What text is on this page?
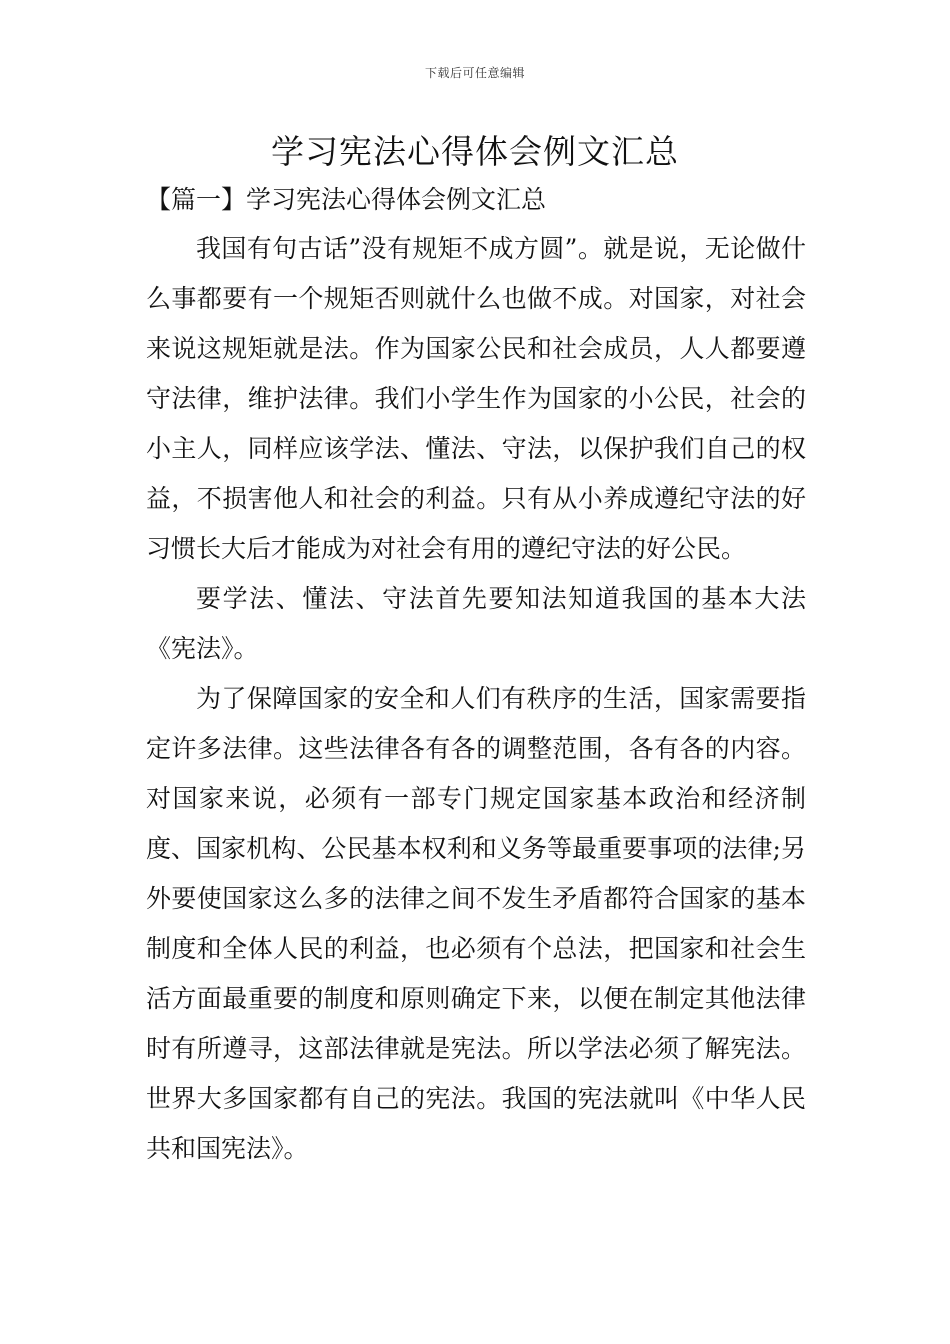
下载后可任意编辑
学习宪法心得体会例文汇总
【篇一】学习宪法心得体会例文汇总

我国有句古话”没有规矩不成方圆”。就是说，无论做什么事都要有一个规矩否则就什么也做不成。对国家，对社会来说这规矩就是法。作为国家公民和社会成员，人人都要遵守法律，维护法律。我们小学生作为国家的小公民，社会的小主人，同样应该学法、懂法、守法，以保护我们自己的权益，不损害他人和社会的利益。只有从小养成遵纪守法的好习惯长大后才能成为对社会有用的遵纪守法的好公民。

要学法、懂法、守法首先要知法知道我国的基本大法《宪法》。

为了保障国家的安全和人们有秩序的生活，国家需要指定许多法律。这些法律各有各的调整范围，各有各的内容。对国家来说，必须有一部专门规定国家基本政治和经济制度、国家机构、公民基本权利和义务等最重要事项的法律;另外要使国家这么多的法律之间不发生矛盾都符合国家的基本制度和全体人民的利益，也必须有个总法，把国家和社会生活方面最重要的制度和原则确定下来，以便在制定其他法律时有所遵寻，这部法律就是宪法。所以学法必须了解宪法。世界大多国家都有自己的宪法。我国的宪法就叫《中华人民共和国宪法》。
